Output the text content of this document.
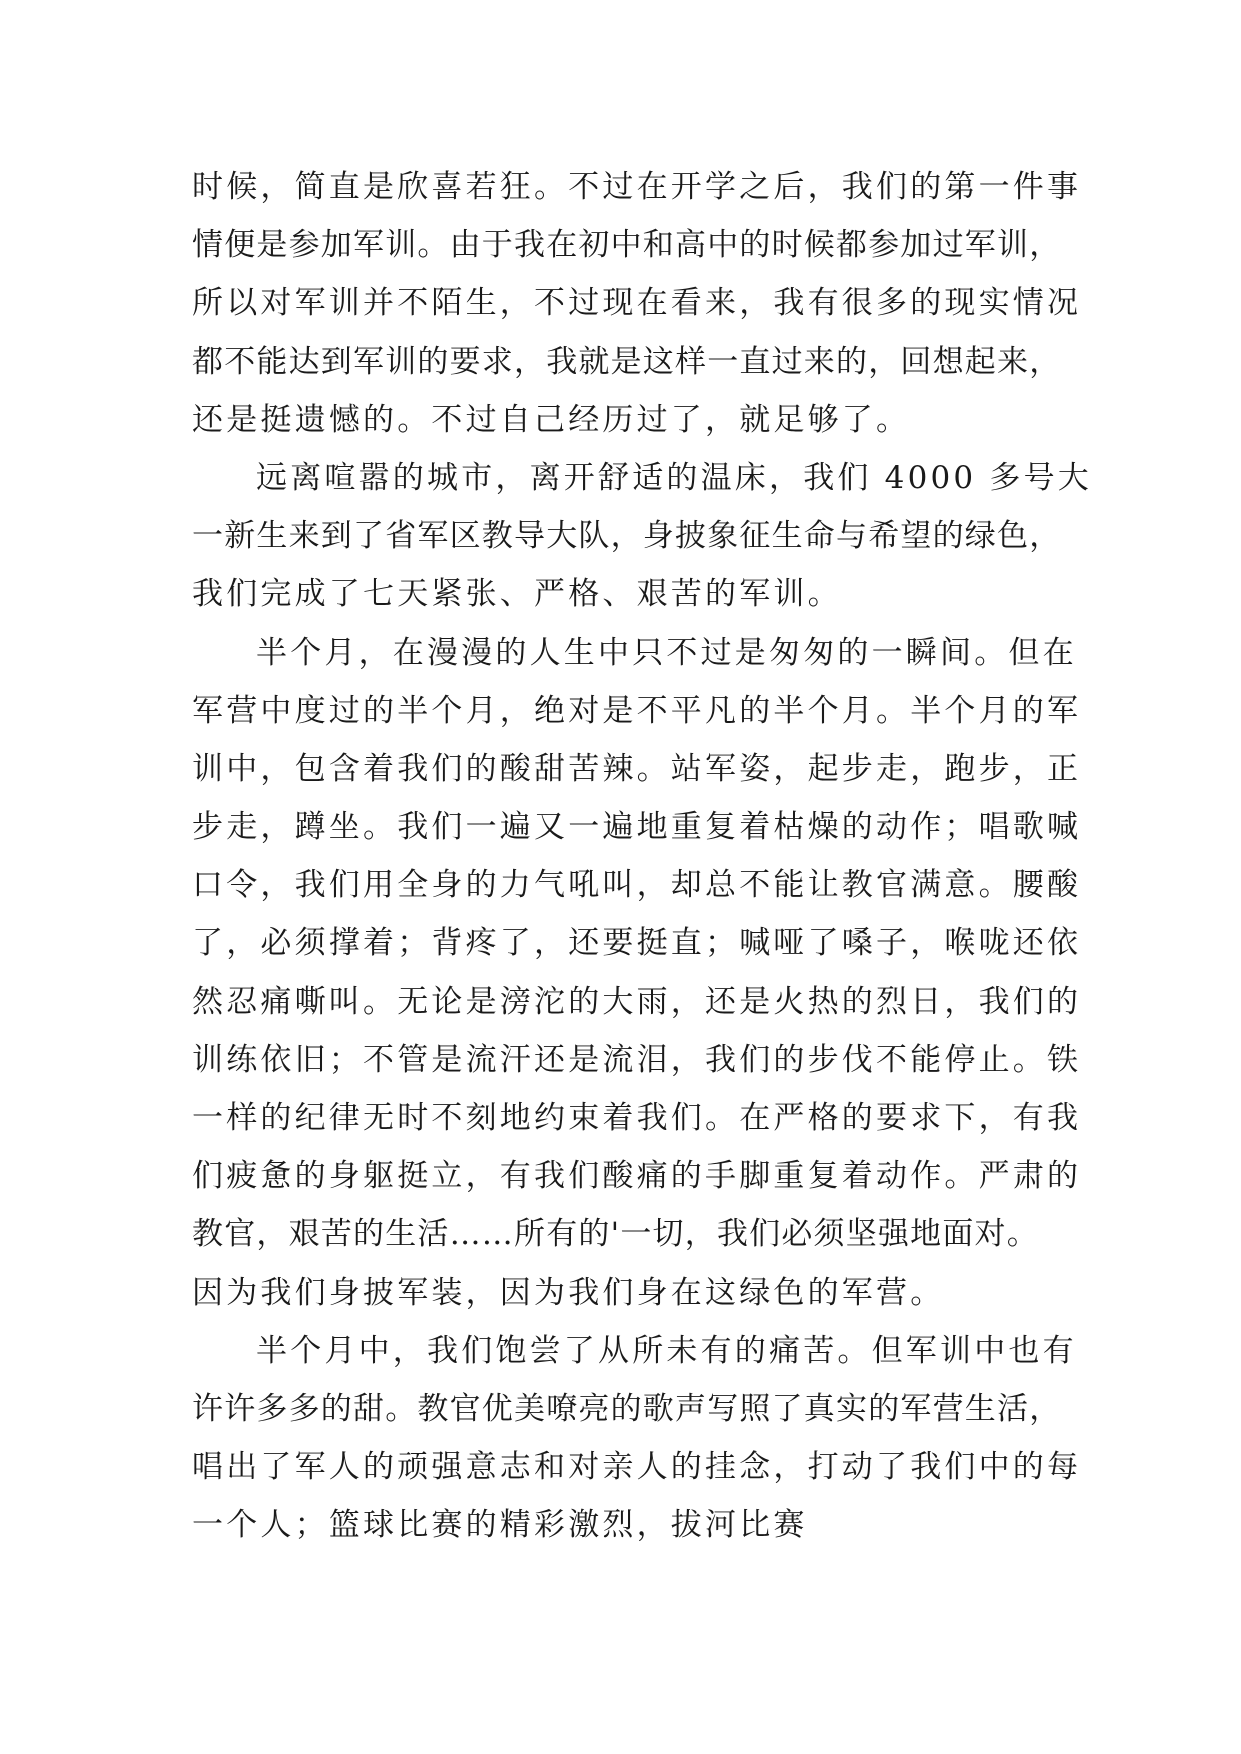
时候，简直是欣喜若狂。不过在开学之后，我们的第一件事
情便是参加军训。由于我在初中和高中的时候都参加过军训，
所以对军训并不陌生，不过现在看来，我有很多的现实情况
都不能达到军训的要求，我就是这样一直过来的，回想起来，
还是挺遗憾的。不过自己经历过了，就足够了。
远离喧嚣的城市，离开舒适的温床，我们 4000 多号大
一新生来到了省军区教导大队，身披象征生命与希望的绿色，
我们完成了七天紧张、严格、艰苦的军训。
半个月，在漫漫的人生中只不过是匆匆的一瞬间。但在
军营中度过的半个月，绝对是不平凡的半个月。半个月的军
训中，包含着我们的酸甜苦辣。站军姿，起步走，跑步，正
步走，蹲坐。我们一遍又一遍地重复着枯燥的动作；唱歌喊
口令，我们用全身的力气吼叫，却总不能让教官满意。腰酸
了，必须撑着；背疼了，还要挺直；喊哑了嗓子，喉咙还依
然忍痛嘶叫。无论是滂沱的大雨，还是火热的烈日，我们的
训练依旧；不管是流汗还是流泪，我们的步伐不能停止。铁
一样的纪律无时不刻地约束着我们。在严格的要求下，有我
们疲惫的身躯挺立，有我们酸痛的手脚重复着动作。严肃的
教官，艰苦的生活……所有的'一切，我们必须坚强地面对。
因为我们身披军装，因为我们身在这绿色的军营。
半个月中，我们饱尝了从所未有的痛苦。但军训中也有
许许多多的甜。教官优美嘹亮的歌声写照了真实的军营生活，
唱出了军人的顽强意志和对亲人的挂念，打动了我们中的每
一个人；篮球比赛的精彩激烈，拔河比赛
